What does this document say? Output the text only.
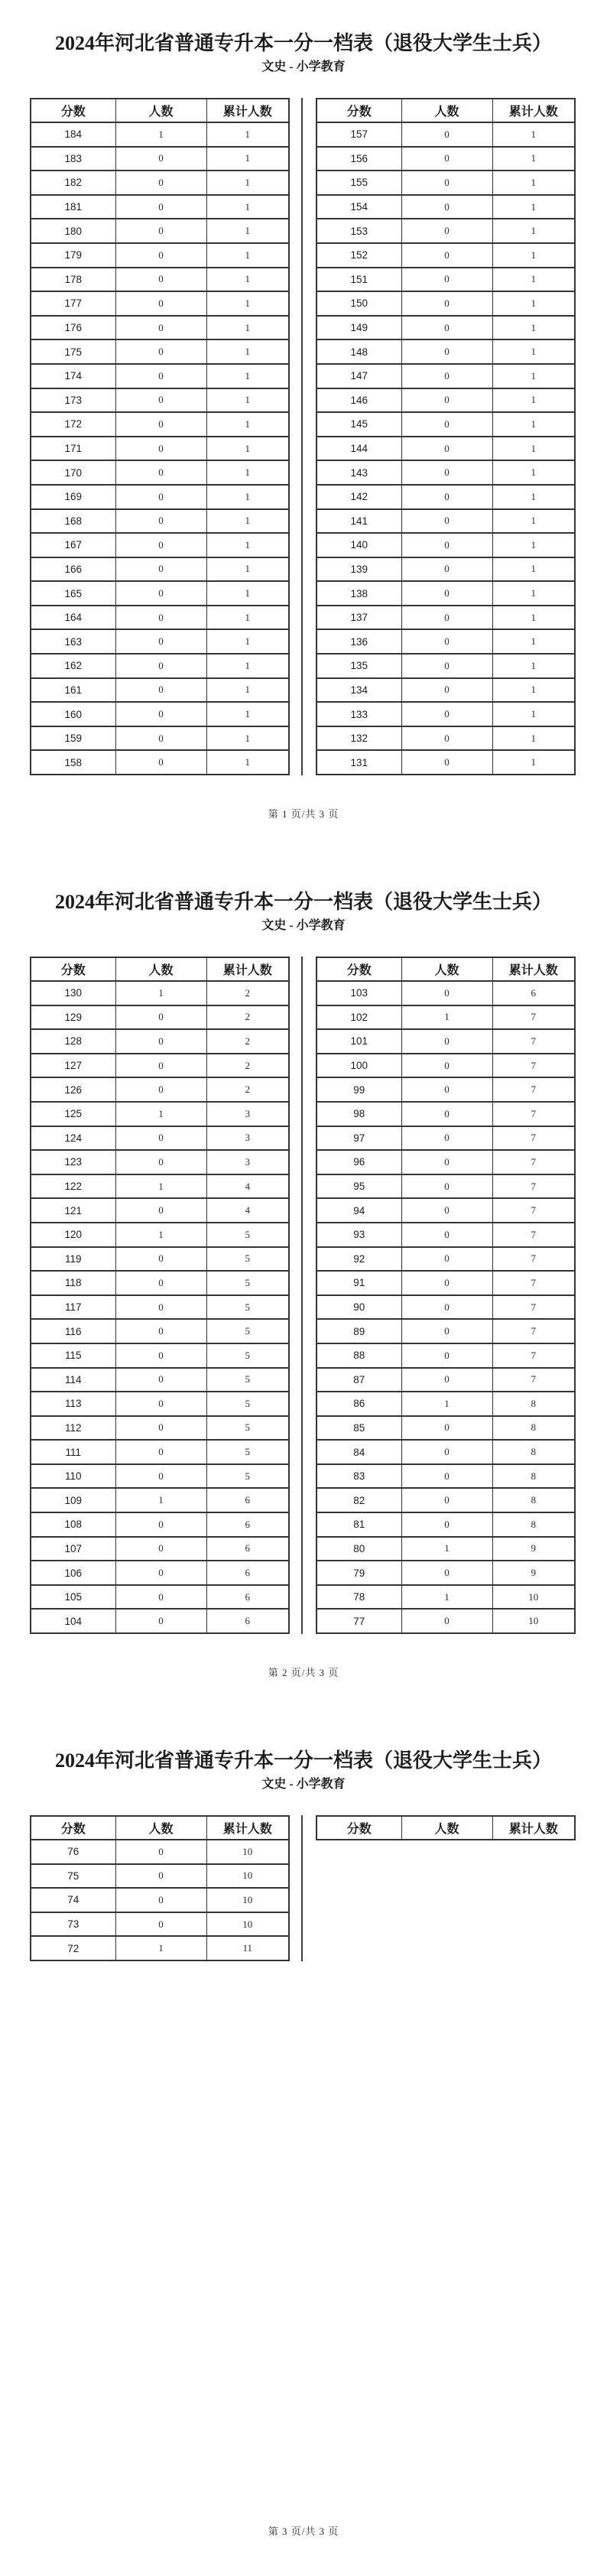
2024年河北省普通专升本一分一档表（退役大学生士兵）
文史 - 小学教育
分数	人数	累计人数
184	1	1
183	0	1
182	0	1
181	0	1
180	0	1
179	0	1
178	0	1
177	0	1
176	0	1
175	0	1
174	0	1
173	0	1
172	0	1
171	0	1
170	0	1
169	0	1
168	0	1
167	0	1
166	0	1
165	0	1
164	0	1
163	0	1
162	0	1
161	0	1
160	0	1
159	0	1
158	0	1
分数	人数	累计人数
157	0	1
156	0	1
155	0	1
154	0	1
153	0	1
152	0	1
151	0	1
150	0	1
149	0	1
148	0	1
147	0	1
146	0	1
145	0	1
144	0	1
143	0	1
142	0	1
141	0	1
140	0	1
139	0	1
138	0	1
137	0	1
136	0	1
135	0	1
134	0	1
133	0	1
132	0	1
131	0	1
第 1 页/共 3 页
2024年河北省普通专升本一分一档表（退役大学生士兵）
文史 - 小学教育
分数	人数	累计人数
130	1	2
129	0	2
128	0	2
127	0	2
126	0	2
125	1	3
124	0	3
123	0	3
122	1	4
121	0	4
120	1	5
119	0	5
118	0	5
117	0	5
116	0	5
115	0	5
114	0	5
113	0	5
112	0	5
111	0	5
110	0	5
109	1	6
108	0	6
107	0	6
106	0	6
105	0	6
104	0	6
分数	人数	累计人数
103	0	6
102	1	7
101	0	7
100	0	7
99	0	7
98	0	7
97	0	7
96	0	7
95	0	7
94	0	7
93	0	7
92	0	7
91	0	7
90	0	7
89	0	7
88	0	7
87	0	7
86	1	8
85	0	8
84	0	8
83	0	8
82	0	8
81	0	8
80	1	9
79	0	9
78	1	10
77	0	10
第 2 页/共 3 页
2024年河北省普通专升本一分一档表（退役大学生士兵）
文史 - 小学教育
分数	人数	累计人数
76	0	10
75	0	10
74	0	10
73	0	10
72	1	11
分数	人数	累计人数
第 3 页/共 3 页
